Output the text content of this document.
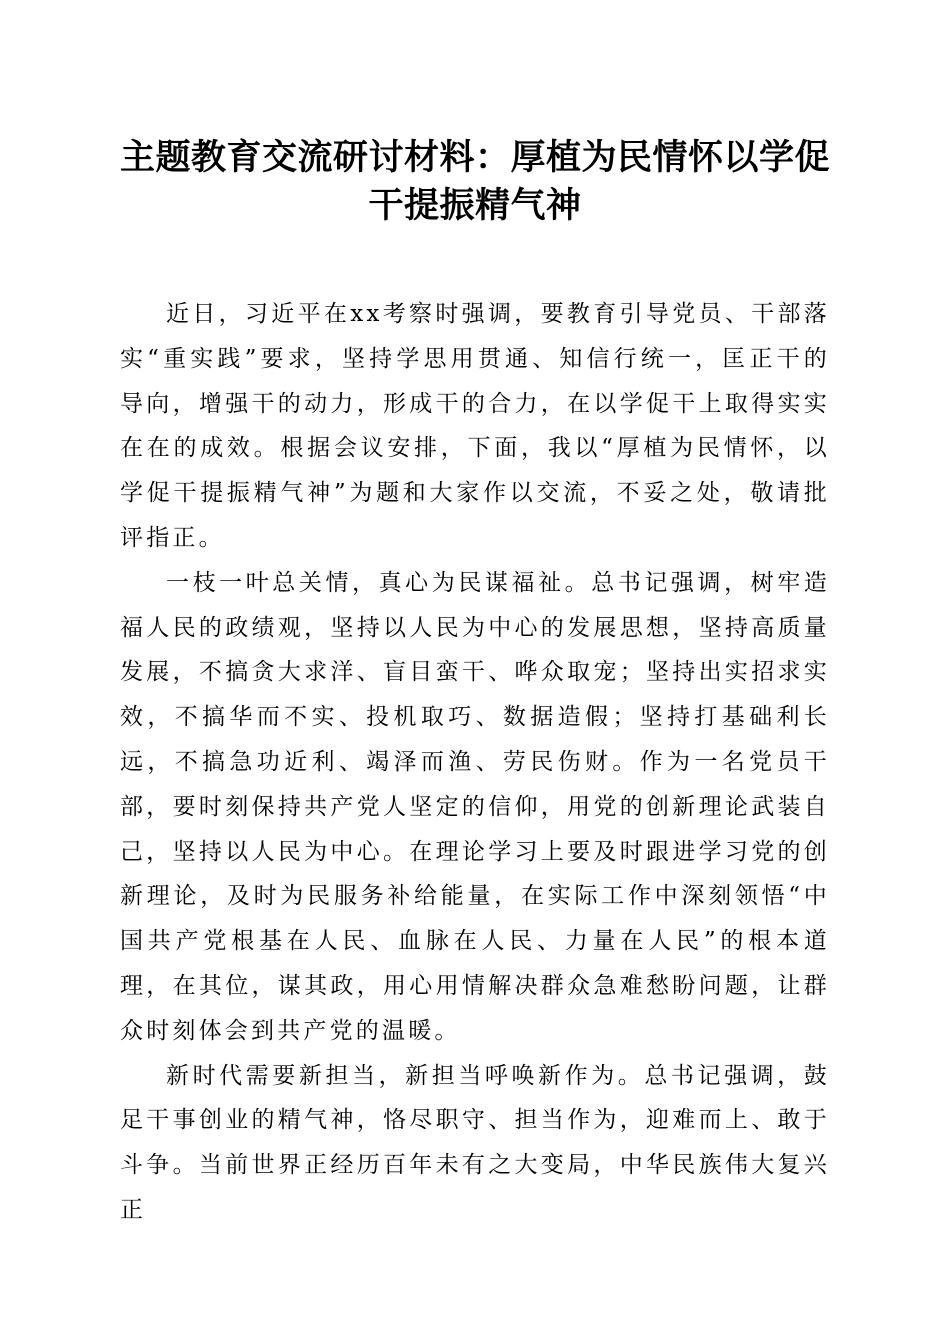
主题教育交流研讨材料：厚植为民情怀以学促
干提振精气神

近日，习近平在xx考察时强调，要教育引导党员、干部落实“重实践”要求，坚持学思用贯通、知信行统一，匡正干的导向，增强干的动力，形成干的合力，在以学促干上取得实实在在的成效。根据会议安排，下面，我以“厚植为民情怀，以学促干提振精气神”为题和大家作以交流，不妥之处，敬请批评指正。

一枝一叶总关情，真心为民谋福祉。总书记强调，树牢造福人民的政绩观，坚持以人民为中心的发展思想，坚持高质量发展，不搞贪大求洋、盲目蛮干、哗众取宠；坚持出实招求实效，不搞华而不实、投机取巧、数据造假；坚持打基础利长远，不搞急功近利、竭泽而渔、劳民伤财。作为一名党员干部，要时刻保持共产党人坚定的信仰，用党的创新理论武装自己，坚持以人民为中心。在理论学习上要及时跟进学习党的创新理论，及时为民服务补给能量，在实际工作中深刻领悟“中国共产党根基在人民、血脉在人民、力量在人民”的根本道理，在其位，谋其政，用心用情解决群众急难愁盼问题，让群众时刻体会到共产党的温暖。

新时代需要新担当，新担当呼唤新作为。总书记强调，鼓足干事创业的精气神，恪尽职守、担当作为，迎难而上、敢于斗争。当前世界正经历百年未有之大变局，中华民族伟大复兴正
